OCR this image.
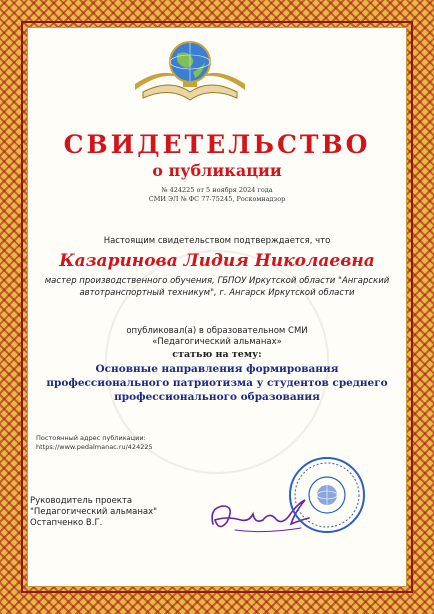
СВИДЕТЕЛЬСТВО
о публикации
№ 424225 от 5 ноября 2024 года
СМИ ЭЛ № ФС 77-75245, Роскомнадзор
Настоящим свидетельством подтверждается, что
Казаринова Лидия Николаевна
мастер производственного обучения, ГБПОУ Иркутской области "Ангарский автотранспортный техникум", г. Ангарск Иркутской области
опубликовал(а) в образовательном СМИ
«Педагогический альманах»
статью на тему:
Основные направления формирования профессионального патриотизма у студентов среднего профессионального образования
Постоянный адрес публикации:
https://www.pedalmanac.ru/424225
Руководитель проекта
"Педагогический альманах"
Остапченко В.Г.
